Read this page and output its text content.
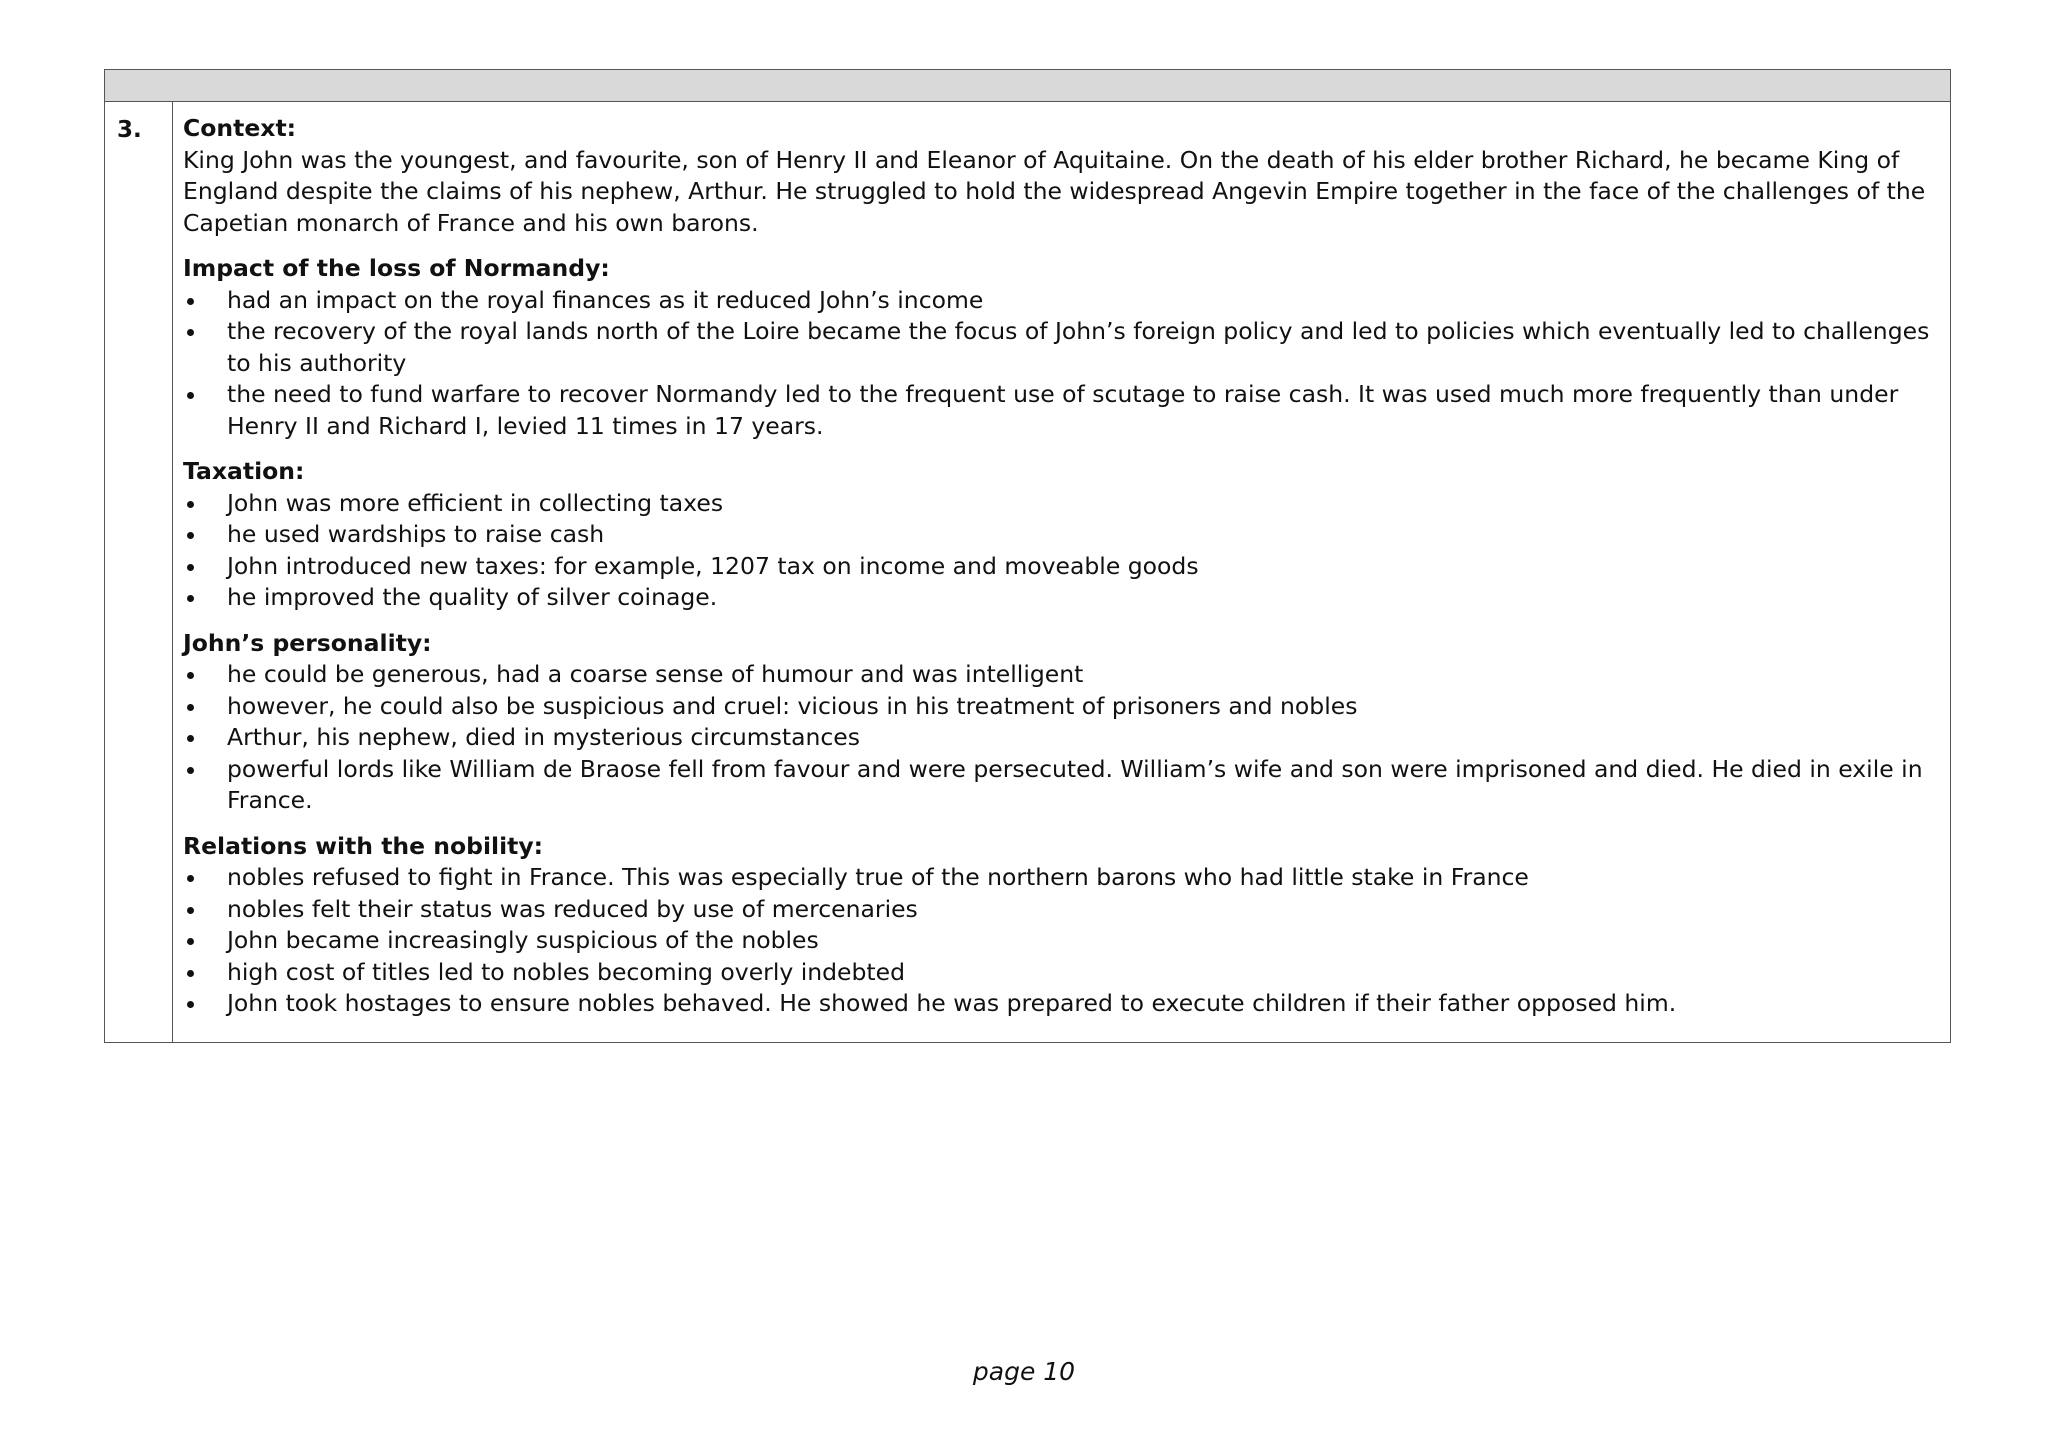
3.	Context:
King John was the youngest, and favourite, son of Henry II and Eleanor of Aquitaine. On the death of his elder brother Richard, he became King of England despite the claims of his nephew, Arthur. He struggled to hold the widespread Angevin Empire together in the face of the challenges of the Capetian monarch of France and his own barons.
Impact of the loss of Normandy:
had an impact on the royal finances as it reduced John’s income
the recovery of the royal lands north of the Loire became the focus of John’s foreign policy and led to policies which eventually led to challenges to his authority
the need to fund warfare to recover Normandy led to the frequent use of scutage to raise cash. It was used much more frequently than under Henry II and Richard I, levied 11 times in 17 years.
Taxation:
John was more efficient in collecting taxes
he used wardships to raise cash
John introduced new taxes: for example, 1207 tax on income and moveable goods
he improved the quality of silver coinage.
John’s personality:
he could be generous, had a coarse sense of humour and was intelligent
however, he could also be suspicious and cruel: vicious in his treatment of prisoners and nobles
Arthur, his nephew, died in mysterious circumstances
powerful lords like William de Braose fell from favour and were persecuted. William’s wife and son were imprisoned and died. He died in exile in France.
Relations with the nobility:
nobles refused to fight in France. This was especially true of the northern barons who had little stake in France
nobles felt their status was reduced by use of mercenaries
John became increasingly suspicious of the nobles
high cost of titles led to nobles becoming overly indebted
John took hostages to ensure nobles behaved. He showed he was prepared to execute children if their father opposed him.
page 10
